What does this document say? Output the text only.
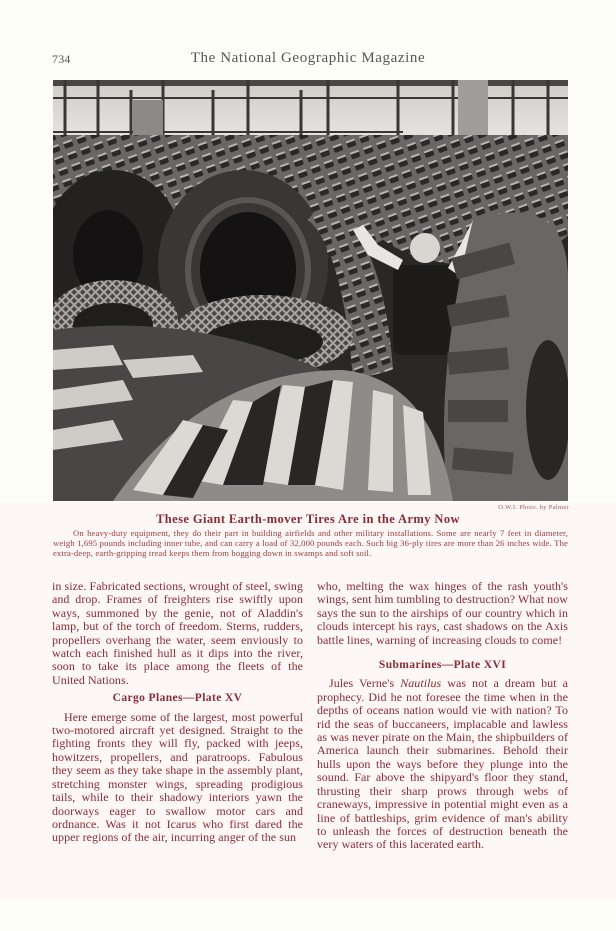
734	The National Geographic Magazine
O.W.I. Photo. by Palmer
These Giant Earth-mover Tires Are in the Army Now
On heavy-duty equipment, they do their part in building airfields and other military installations. Some are nearly 7 feet in diameter, weigh 1,695 pounds including inner tube, and can carry a load of 32,000 pounds each. Such big 36-ply tires are more than 26 inches wide. The extra-deep, earth-gripping tread keeps them from bogging down in swamps and soft soil.

in size. Fabricated sections, wrought of steel, swing and drop. Frames of freighters rise swiftly upon ways, summoned by the genie, not of Aladdin's lamp, but of the torch of freedom. Sterns, rudders, propellers overhang the water, seem enviously to watch each finished hull as it dips into the river, soon to take its place among the fleets of the United Nations.

Cargo Planes—Plate XV

Here emerge some of the largest, most powerful two-motored aircraft yet designed. Straight to the fighting fronts they will fly, packed with jeeps, howitzers, propellers, and paratroops. Fabulous they seem as they take shape in the assembly plant, stretching monster wings, spreading prodigious tails, while to their shadowy interiors yawn the doorways eager to swallow motor cars and ordnance. Was it not Icarus who first dared the upper regions of the air, incurring anger of the sun

who, melting the wax hinges of the rash youth's wings, sent him tumbling to destruction? What now says the sun to the airships of our country which in clouds intercept his rays, cast shadows on the Axis battle lines, warning of increasing clouds to come!

Submarines—Plate XVI

Jules Verne's Nautilus was not a dream but a prophecy. Did he not foresee the time when in the depths of oceans nation would vie with nation? To rid the seas of buccaneers, implacable and lawless as was never pirate on the Main, the shipbuilders of America launch their submarines. Behold their hulls upon the ways before they plunge into the sound. Far above the shipyard's floor they stand, thrusting their sharp prows through webs of craneways, impressive in potential might even as a line of battleships, grim evidence of man's ability to unleash the forces of destruction beneath the very waters of this lacerated earth.
